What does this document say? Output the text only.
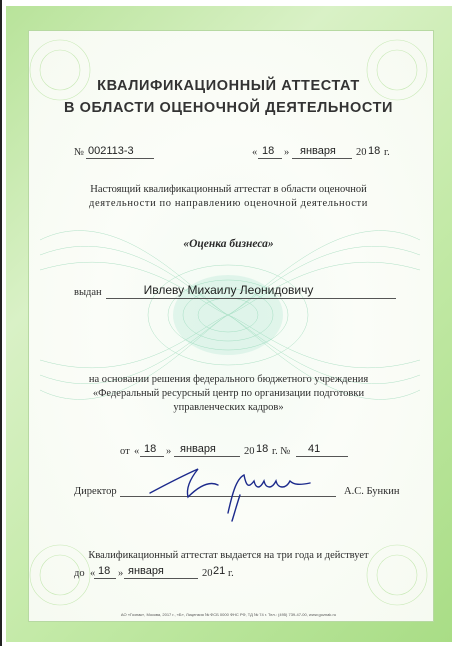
КВАЛИФИКАЦИОННЫЙ АТТЕСТАТ
В ОБЛАСТИ ОЦЕНОЧНОЙ ДЕЯТЕЛЬНОСТИ
№ 002113-3	« 18 » января 20 18 г.
Настоящий квалификационный аттестат в области оценочной
деятельности по направлению оценочной деятельности
«Оценка бизнеса»
выдан	Ивлеву Михаилу Леонидовичу
на основании решения федерального бюджетного учреждения
«Федеральный ресурсный центр по организации подготовки
управленческих кадров»
от « 18 » января	20 18 г. № 41
Директор	А.С. Бункин
Квалификационный аттестат выдается на три года и действует
до « 18 » января	20 21 г.
АО «Гознак», Москва, 2017 г., «Б», Лицензия № ФСБ 0000 ФНС РФ, ТД № 74 г. Тел.: (495) 739-47-00, www.goznak.ru
